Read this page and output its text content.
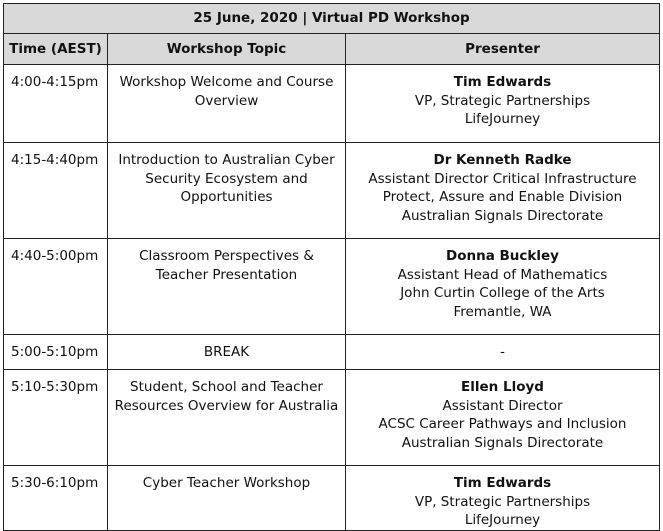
25 June, 2020 | Virtual PD Workshop		
Time (AEST)	Workshop Topic	Presenter
4:00-4:15pm	Workshop Welcome and Course Overview	Tim Edwards
VP, Strategic Partnerships
LifeJourney

4:15-4:40pm	Introduction to Australian Cyber Security Ecosystem and Opportunities	Dr Kenneth Radke
Assistant Director Critical Infrastructure
Protect, Assure and Enable Division
Australian Signals Directorate

4:40-5:00pm	Classroom Perspectives & Teacher Presentation	Donna Buckley
Assistant Head of Mathematics
John Curtin College of the Arts
Fremantle, WA

5:00-5:10pm	BREAK	-

5:10-5:30pm	Student, School and Teacher Resources Overview for Australia	Ellen Lloyd
Assistant Director
ACSC Career Pathways and Inclusion
Australian Signals Directorate

5:30-6:10pm	Cyber Teacher Workshop	Tim Edwards
VP, Strategic Partnerships
LifeJourney
